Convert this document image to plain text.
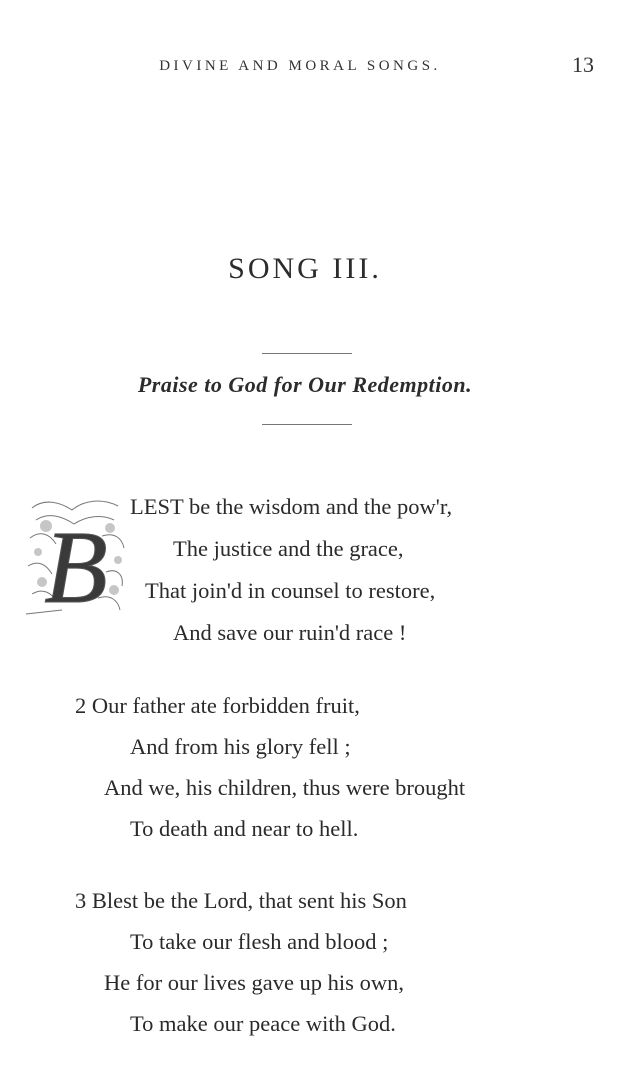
DIVINE AND MORAL SONGS.	13
SONG III.
Praise to God for Our Redemption.
B
LEST be the wisdom and the pow'r,
The justice and the grace,
That join'd in counsel to restore,
And save our ruin'd race !
2 Our father ate forbidden fruit,
And from his glory fell ;
And we, his children, thus were brought
To death and near to hell.
3 Blest be the Lord, that sent his Son
To take our flesh and blood ;
He for our lives gave up his own,
To make our peace with God.
